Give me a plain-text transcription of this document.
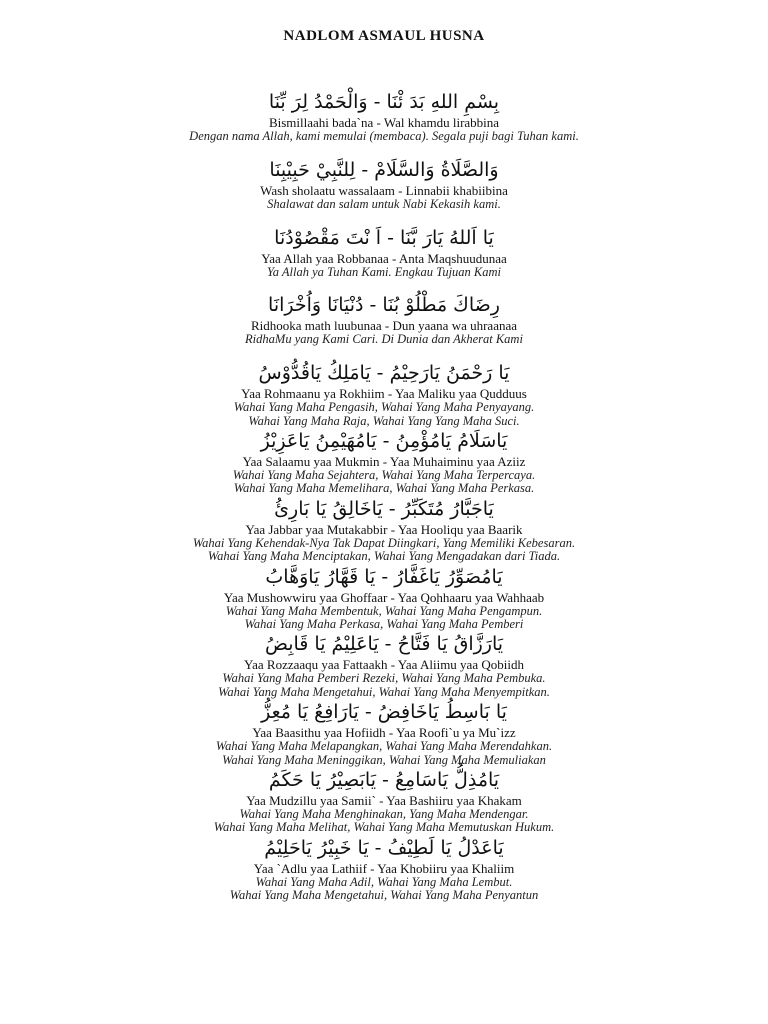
NADLOM ASMAUL HUSNA
بِسْمِ اللهِ بَدَ ئْنَا - وَالْحَمْدُ لِرَ بِّنَا
Bismillaahi bada`na - Wal khamdu lirabbina
Dengan nama Allah, kami memulai (membaca). Segala puji bagi Tuhan kami.
وَالصَّلَاةُ وَالسَّلَامْ - لِلنَّبِيْ حَبِيْبِنَا
Wash sholaatu wassalaam - Linnabii khabiibina
Shalawat dan salam untuk Nabi Kekasih kami.
يَا اَللهُ يَارَ بَّنَا - اَ نْتَ مَقْصُوْدُنَا
Yaa Allah yaa Robbanaa - Anta Maqshuudunaa
Ya Allah ya Tuhan Kami. Engkau Tujuan Kami
رِضَاكَ مَطْلُوْ بُنَا - دُنْيَانَا وَاُخْرَانَا
Ridhooka math luubunaa - Dun yaana wa uhraanaa
RidhaMu yang Kami Cari. Di Dunia dan Akherat Kami
يَا رَحْمَنُ يَارَحِيْمُ - يَامَلِكُ يَاقُدُّوْسُ
Yaa Rohmaanu ya Rokhiim - Yaa Maliku yaa Qudduus
Wahai Yang Maha Pengasih, Wahai Yang Maha Penyayang.
Wahai Yang Maha Raja, Wahai Yang Yang Maha Suci.
يَاسَلَامُ يَامُؤْمِنُ - يَامُهَيْمِنُ يَاعَزِيْزُ
Yaa Salaamu yaa Mukmin - Yaa Muhaiminu yaa Aziiz
Wahai Yang Maha Sejahtera, Wahai Yang Maha Terpercaya.
Wahai Yang Maha Memelihara, Wahai Yang Maha Perkasa.
يَاجَبَّارُ مُتَكَبِّرُ - يَاخَالِقُ يَا بَارِئُ
Yaa Jabbar yaa Mutakabbir - Yaa Hooliqu yaa Baarik
Wahai Yang Kehendak-Nya Tak Dapat Diingkari, Yang Memiliki Kebesaran.
Wahai Yang Maha Menciptakan, Wahai Yang Mengadakan dari Tiada.
يَامُصَوِّرُ يَاغَفَّارُ - يَا قَهَّارُ يَاوَهَّابُ
Yaa Mushowwiru yaa Ghoffaar - Yaa Qohhaaru yaa Wahhaab
Wahai Yang Maha Membentuk, Wahai Yang Maha Pengampun.
Wahai Yang Maha Perkasa, Wahai Yang Maha Pemberi
يَارَزَّاقُ يَا فَتَّاحُ - يَاعَلِيْمُ يَا قَابِضُ
Yaa Rozzaaqu yaa Fattaakh - Yaa Aliimu yaa Qobiidh
Wahai Yang Maha Pemberi Rezeki, Wahai Yang Maha Pembuka.
Wahai Yang Maha Mengetahui, Wahai Yang Maha Menyempitkan.
يَا بَاسِطُ يَاخَافِضُ - يَارَافِعُ يَا مُعِزُّ
Yaa Baasithu yaa Hofiidh - Yaa Roofi`u ya Mu`izz
Wahai Yang Maha Melapangkan, Wahai Yang Maha Merendahkan.
Wahai Yang Maha Meninggikan, Wahai Yang Maha Memuliakan
يَامُذِلُّ يَاسَامِعُ - يَابَصِيْرُ يَا حَكَمُ
Yaa Mudzillu yaa Samii` - Yaa Bashiiru yaa Khakam
Wahai Yang Maha Menghinakan, Yang Maha Mendengar.
Wahai Yang Maha Melihat, Wahai Yang Maha Memutuskan Hukum.
يَاعَدْلُ يَا لَطِيْفُ - يَا خَبِيْرُ يَاحَلِيْمُ
Yaa `Adlu yaa Lathiif - Yaa Khobiiru yaa Khaliim
Wahai Yang Maha Adil, Wahai Yang Maha Lembut.
Wahai Yang Maha Mengetahui, Wahai Yang Maha Penyantun
